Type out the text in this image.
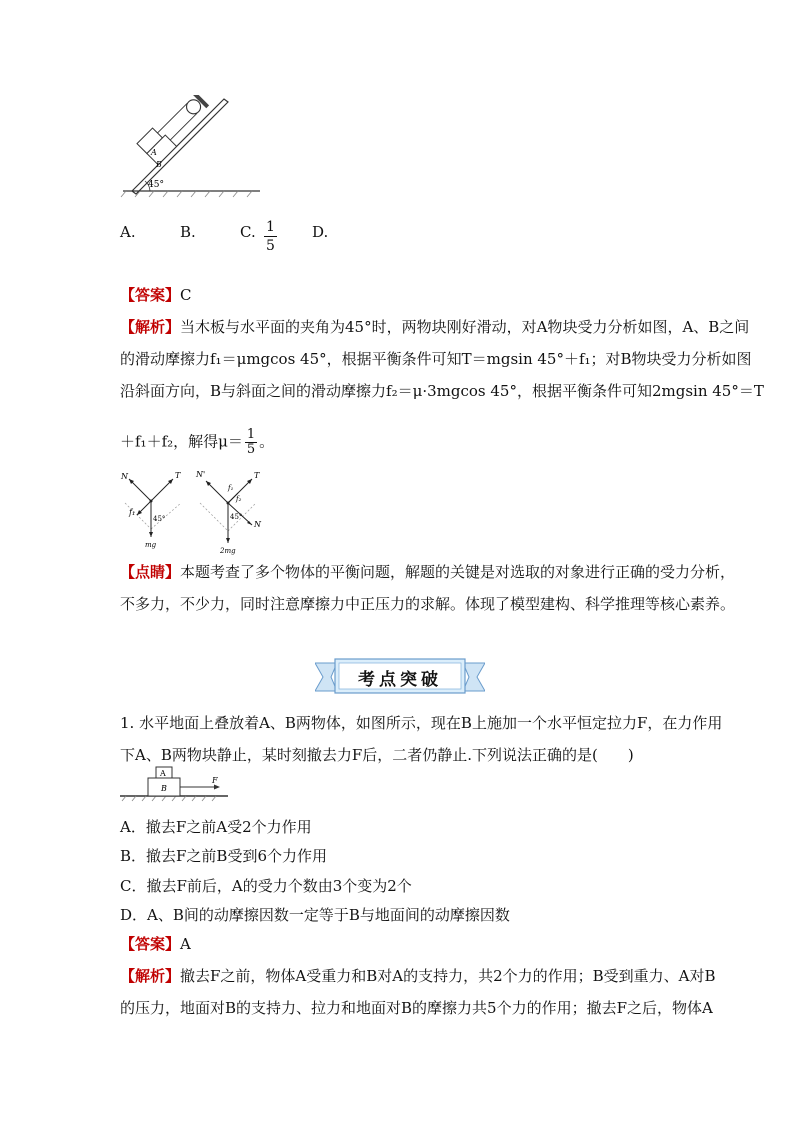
45°
A
B
A.	B.	C. $\frac{1}{5} D$.
【答案】C
【解析】当木板与水平面的夹角为45°时，两物块刚好滑动，对A物块受力分析如图，A、B之间
的滑动摩擦力f₁＝μmgcos 45°，根据平衡条件可知T＝mgsin 45°＋f₁；对B物块受力分析如图
沿斜面方向，B与斜面之间的滑动摩擦力f₂＝μ·3mgcos 45°，根据平衡条件可知2mgsin 45°＝T
＋f₁＋f₂，解得$\mu= \frac{1}{5}$ 。
N	T
f₁
45°
mg
N'	T
f₁
f₂
45°
N
2mg
【点睛】本题考查了多个物体的平衡问题，解题的关键是对选取的对象进行正确的受力分析，
不多力，不少力，同时注意摩擦力中正压力的求解。体现了模型建构、科学推理等核心素养。
考点突破
1. 水平地面上叠放着A、B两物体，如图所示，现在B上施加一个水平恒定拉力F，在力作用
下A、B两物块静止，某时刻撤去力F后，二者仍静止.下列说法正确的是(　　)
A
B
F
A．撤去F之前A受2个力作用
B．撤去F之前B受到6个力作用
C．撤去F前后，A的受力个数由3个变为2个
D．A、B间的动摩擦因数一定等于B与地面间的动摩擦因数
【答案】A
【解析】撤去F之前，物体A受重力和B对A的支持力，共2个力的作用；B受到重力、A对B
的压力，地面对B的支持力、拉力和地面对B的摩擦力共5个力的作用；撤去F之后，物体A
